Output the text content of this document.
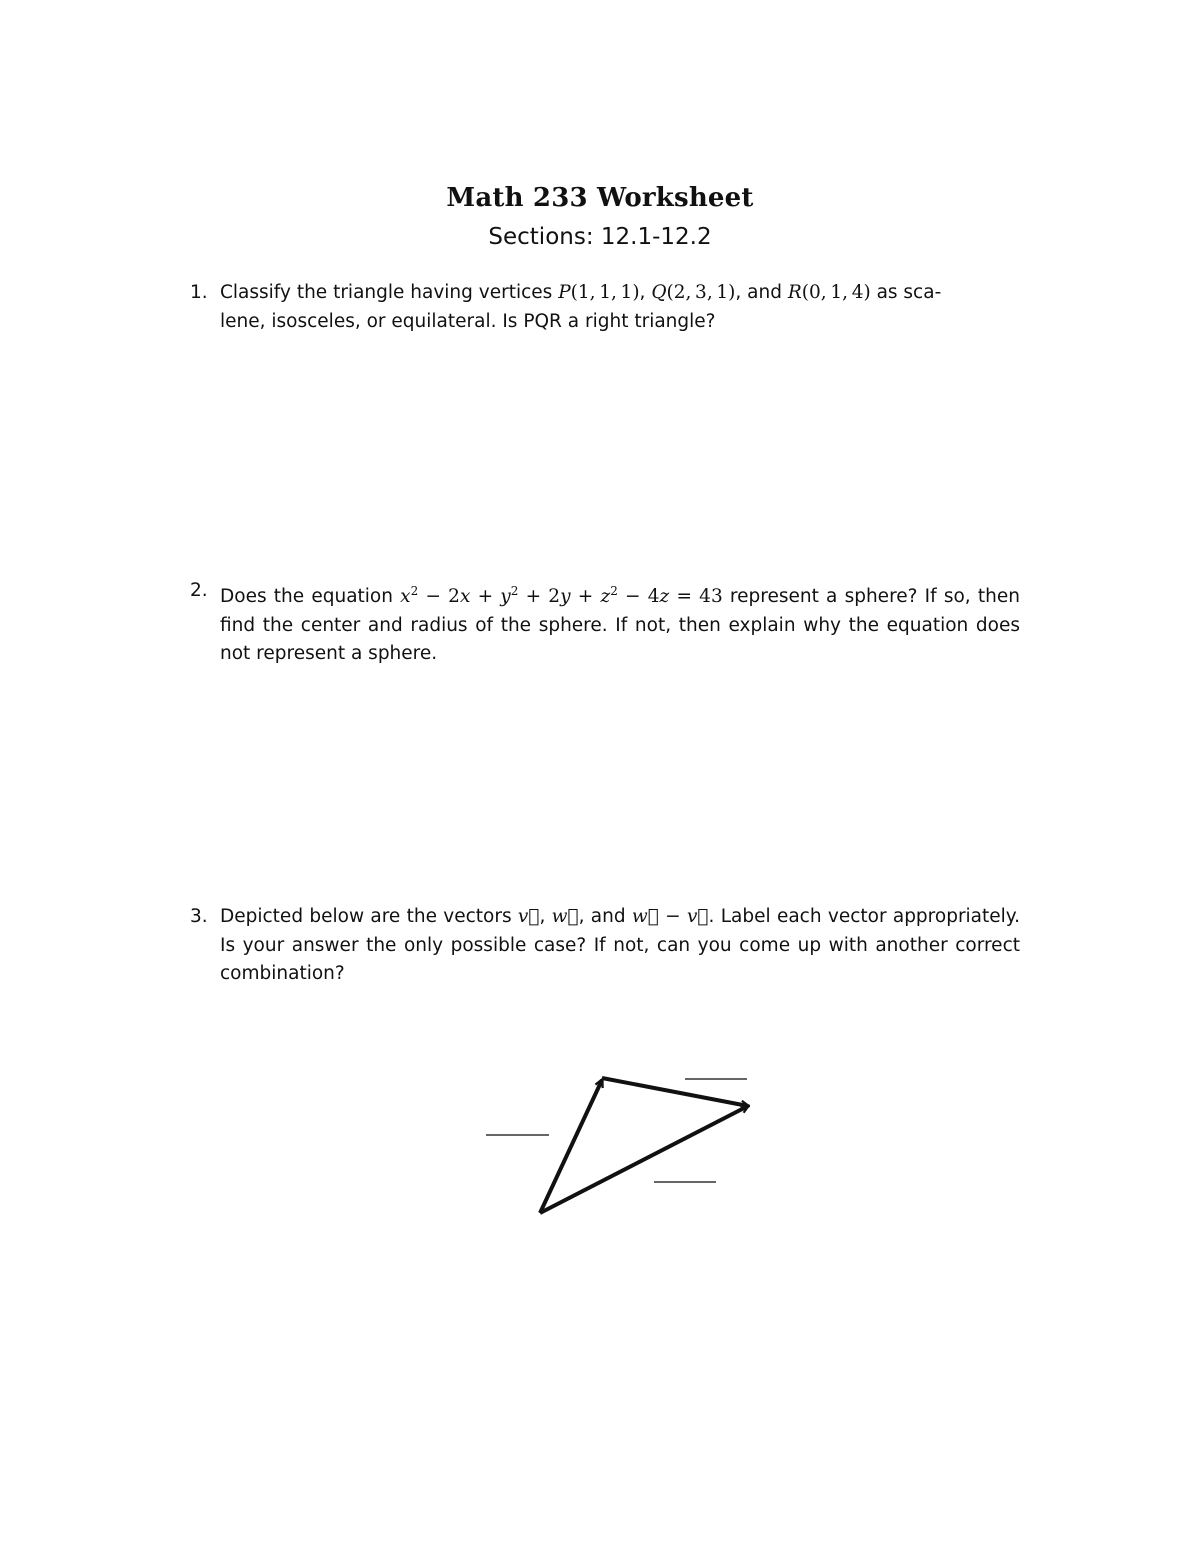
Math 233 Worksheet
Sections: 12.1-12.2
1. Classify the triangle having vertices P(1, 1, 1), Q(2, 3, 1), and R(0, 1, 4) as sca-
lene, isosceles, or equilateral. Is PQR a right triangle?
2. Does the equation $x^2 - 2x + y^2 + 2y + z^2 - 4z = 43$ represent a sphere? If so, then find the center and radius of the sphere. If not, then explain why the equation does not represent a sphere.
3. Depicted below are the vectors v⃗, w⃗, and w⃗ − v⃗. Label each vector appropriately. Is your answer the only possible case? If not, can you come up with another correct combination?
